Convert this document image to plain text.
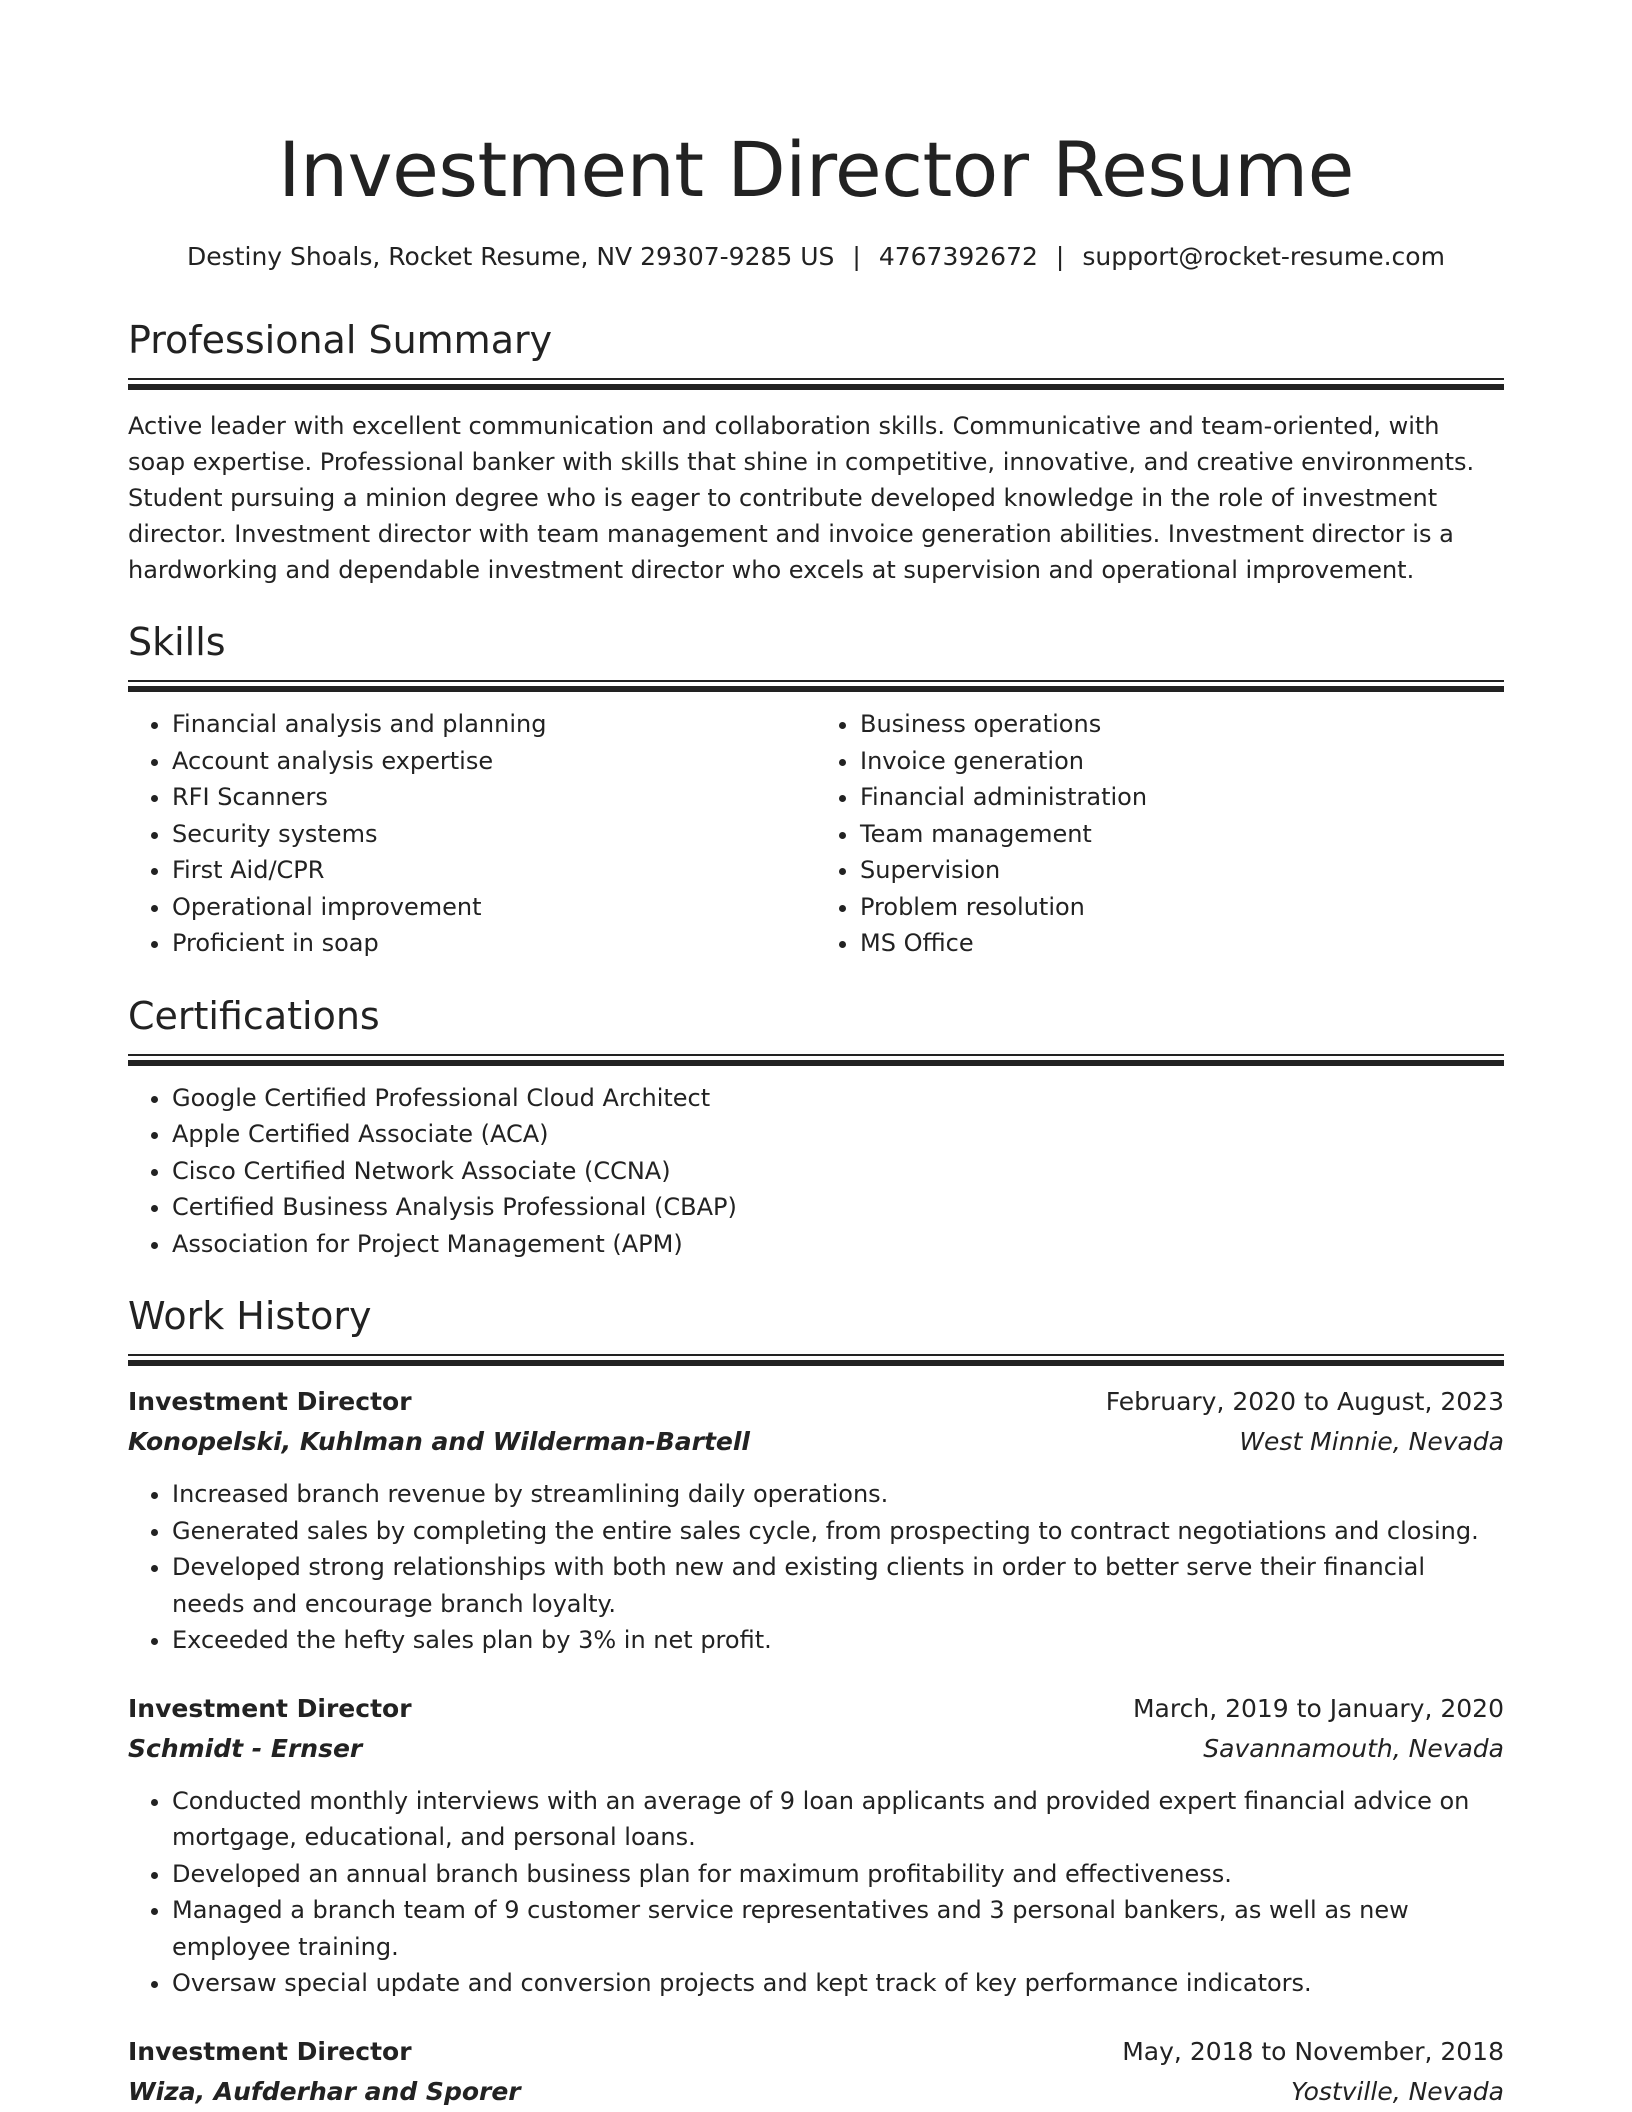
Investment Director Resume
Destiny Shoals, Rocket Resume, NV 29307-9285 US | 4767392672 | support@rocket-resume.com
Professional Summary

Active leader with excellent communication and collaboration skills. Communicative and team-oriented, with soap expertise. Professional banker with skills that shine in competitive, innovative, and creative environments. Student pursuing a minion degree who is eager to contribute developed knowledge in the role of investment director. Investment director with team management and invoice generation abilities. Investment director is a hardworking and dependable investment director who excels at supervision and operational improvement.

Skills
• Financial analysis and planning
• Account analysis expertise
• RFI Scanners
• Security systems
• First Aid/CPR
• Operational improvement
• Proficient in soap
• Business operations
• Invoice generation
• Financial administration
• Team management
• Supervision
• Problem resolution
• MS Office
Certifications
• Google Certified Professional Cloud Architect
• Apple Certified Associate (ACA)
• Cisco Certified Network Associate (CCNA)
• Certified Business Analysis Professional (CBAP)
• Association for Project Management (APM)
Work History
Investment Director	February, 2020 to August, 2023
Konopelski, Kuhlman and Wilderman-Bartell	West Minnie, Nevada
• Increased branch revenue by streamlining daily operations.
• Generated sales by completing the entire sales cycle, from prospecting to contract negotiations and closing.
• Developed strong relationships with both new and existing clients in order to better serve their financial needs and encourage branch loyalty.
• Exceeded the hefty sales plan by 3% in net profit.
Investment Director	March, 2019 to January, 2020
Schmidt - Ernser	Savannamouth, Nevada
• Conducted monthly interviews with an average of 9 loan applicants and provided expert financial advice on mortgage, educational, and personal loans.
• Developed an annual branch business plan for maximum profitability and effectiveness.
• Managed a branch team of 9 customer service representatives and 3 personal bankers, as well as new employee training.
• Oversaw special update and conversion projects and kept track of key performance indicators.
Investment Director	May, 2018 to November, 2018
Wiza, Aufderhar and Sporer	Yostville, Nevada
